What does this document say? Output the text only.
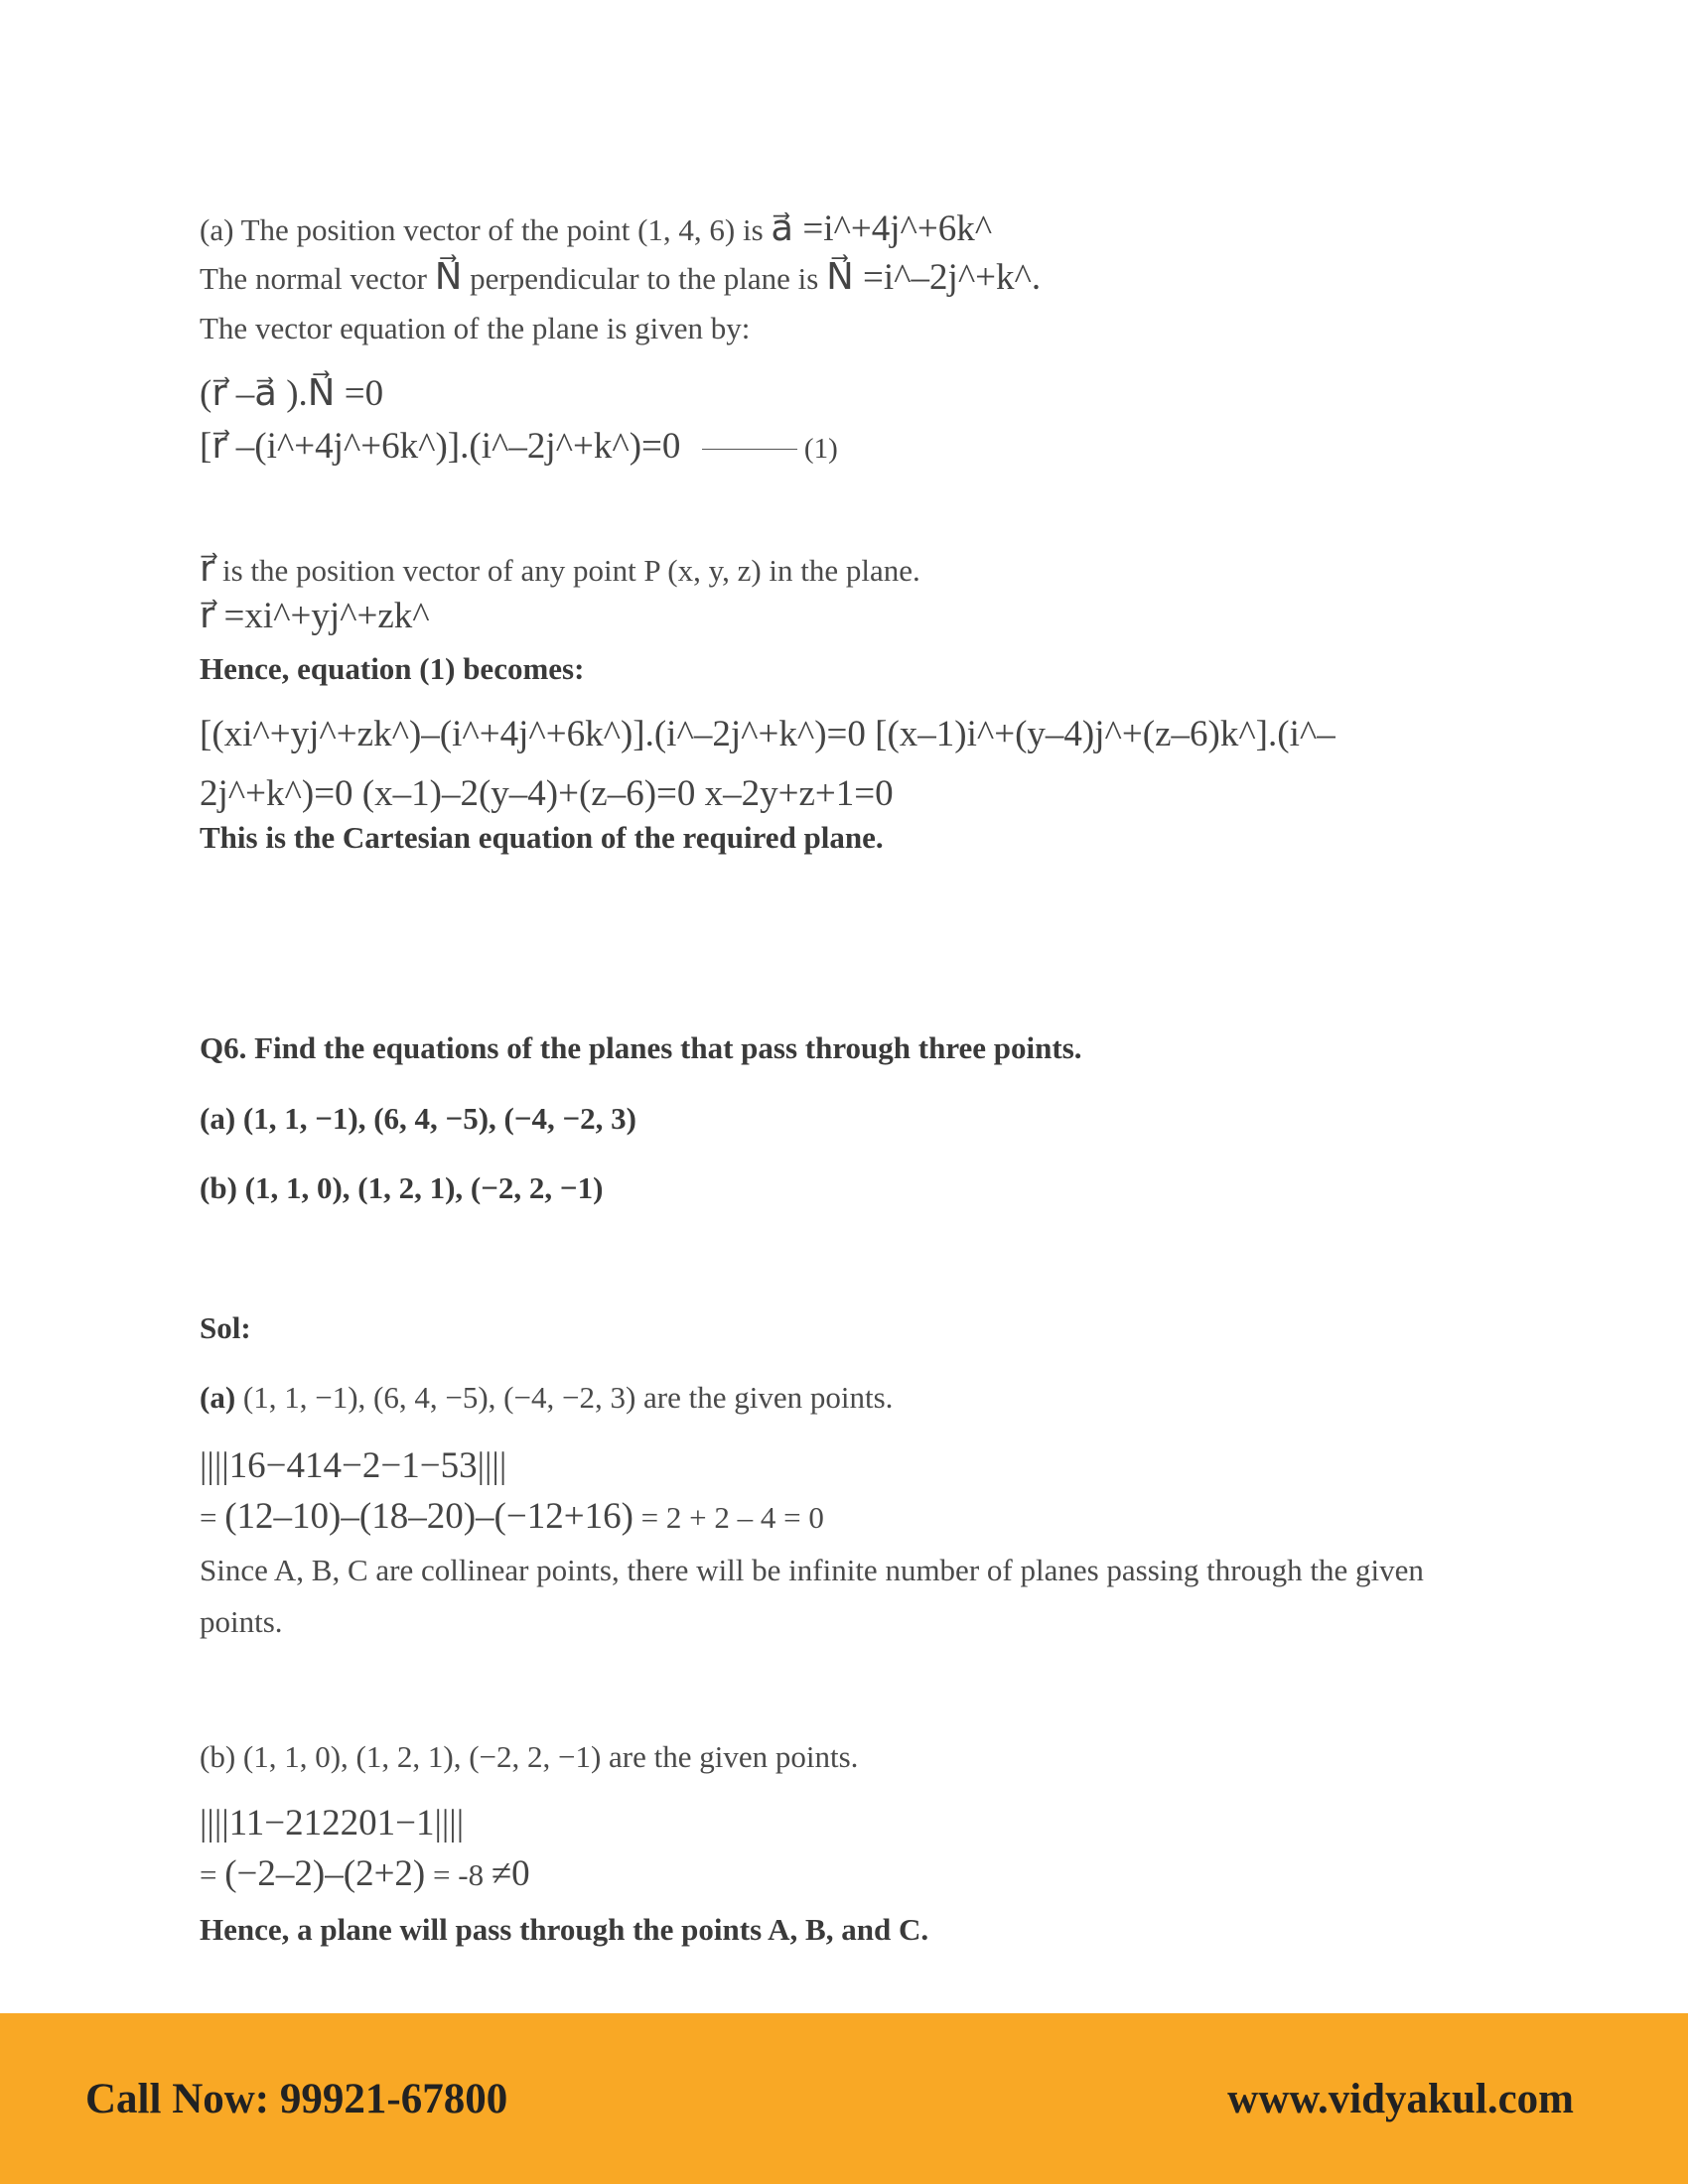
(a) The position vector of the point (1, 4, 6) is a⃗ =i^+4j^+6k^
The normal vector N⃗ perpendicular to the plane is N⃗ =i^–2j^+k^.
The vector equation of the plane is given by:
(r⃗ –a⃗ ).N⃗ =0
[r⃗ –(i^+4j^+6k^)].(i^–2j^+k^)=0	(1)
r⃗ is the position vector of any point P (x, y, z) in the plane.
r⃗ =xi^+yj^+zk^
Hence, equation (1) becomes:
[(xi^+yj^+zk^)–(i^+4j^+6k^)].(i^–2j^+k^)=0 [(x–1)i^+(y–4)j^+(z–6)k^].(i^– 2j^+k^)=0 (x–1)–2(y–4)+(z–6)=0 x–2y+z+1=0
This is the Cartesian equation of the required plane.
Q6. Find the equations of the planes that pass through three points.
(a) (1, 1, −1), (6, 4, −5), (−4, −2, 3)
(b) (1, 1, 0), (1, 2, 1), (−2, 2, −1)
Sol:
(a) (1, 1, −1), (6, 4, −5), (−4, −2, 3) are the given points.
||||16−414−2−1−53||||
= (12–10)–(18–20)–(−12+16) = 2 + 2 – 4 = 0
Since A, B, C are collinear points, there will be infinite number of planes passing through the given points.
(b) (1, 1, 0), (1, 2, 1), (−2, 2, −1) are the given points.
||||11−212201−1||||
= (−2–2)–(2+2) = -8 ≠0
Hence, a plane will pass through the points A, B, and C.
Call Now: 99921-67800	www.vidyakul.com
